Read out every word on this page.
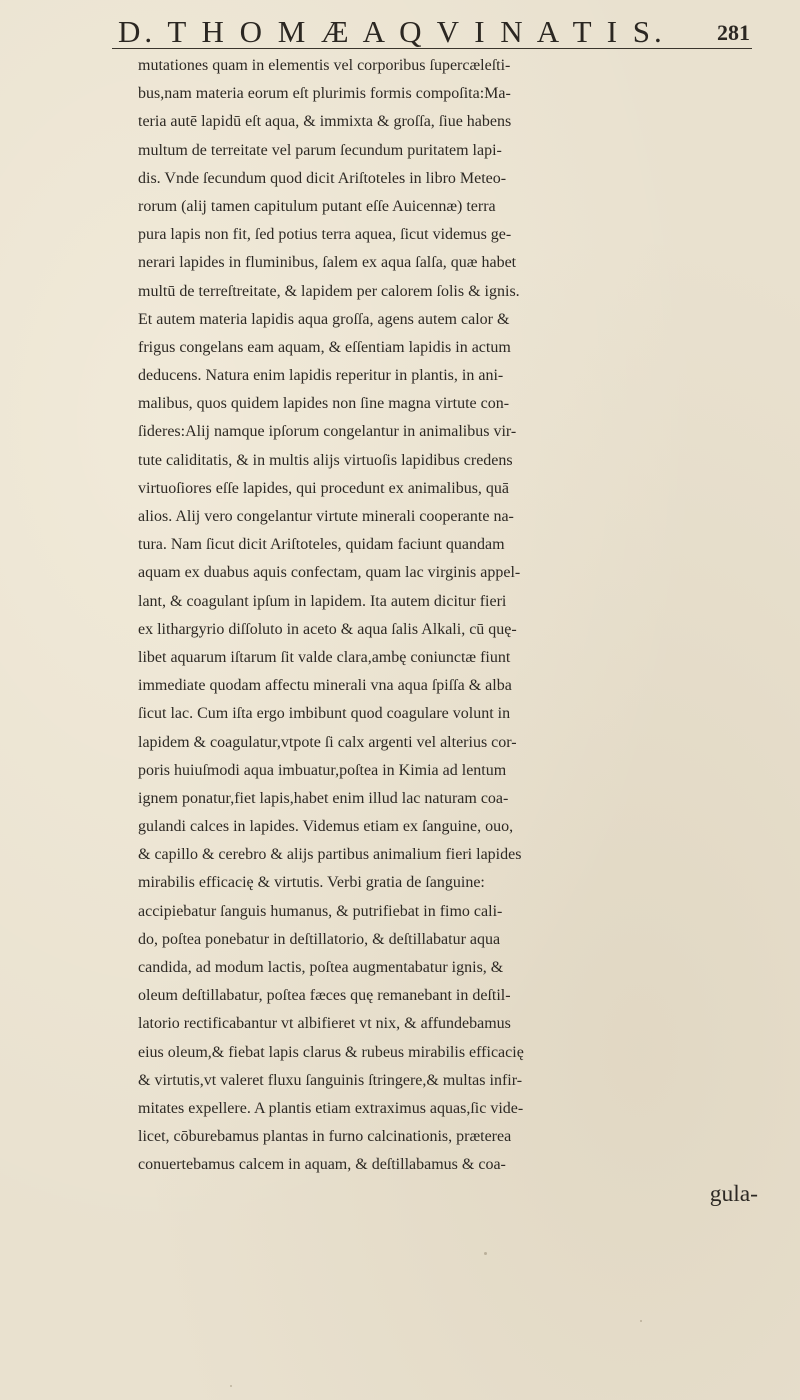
D. T H O M Æ A Q V I N A T I S. 281
mutationes quam in elementis vel corporibus ſupercæleſti-
bus,nam materia eorum eſt plurimis formis compoſita:Ma-
teria autē lapidū eſt aqua, & immixta & groſſa, ſiue habens
multum de terreitate vel parum ſecundum puritatem lapi-
dis. Vnde ſecundum quod dicit Ariſtoteles in libro Meteo-
rorum (alij tamen capitulum putant eſſe Auicennæ) terra
pura lapis non fit, ſed potius terra aquea, ſicut videmus ge-
nerari lapides in fluminibus, ſalem ex aqua ſalſa, quæ habet
multū de terreſtreitate, & lapidem per calorem ſolis & ignis.
Et autem materia lapidis aqua groſſa, agens autem calor &
frigus congelans eam aquam, & eſſentiam lapidis in actum
deducens. Natura enim lapidis reperitur in plantis, in ani-
malibus, quos quidem lapides non ſine magna virtute con-
ſideres:Alij namque ipſorum congelantur in animalibus vir-
tute caliditatis, & in multis alijs virtuoſis lapidibus credens
virtuoſiores eſſe lapides, qui procedunt ex animalibus, quā
alios. Alij vero congelantur virtute minerali cooperante na-
tura. Nam ſicut dicit Ariſtoteles, quidam faciunt quandam
aquam ex duabus aquis confectam, quam lac virginis appel-
lant, & coagulant ipſum in lapidem. Ita autem dicitur fieri
ex lithargyrio diſſoluto in aceto & aqua ſalis Alkali, cū quę-
libet aquarum iſtarum ſit valde clara,ambę coniunctæ fiunt
immediate quodam affectu minerali vna aqua ſpiſſa & alba
ſicut lac. Cum iſta ergo imbibunt quod coagulare volunt in
lapidem & coagulatur,vtpote ſi calx argenti vel alterius cor-
poris huiuſmodi aqua imbuatur,poſtea in Kimia ad lentum
ignem ponatur,fiet lapis,habet enim illud lac naturam coa-
gulandi calces in lapides. Videmus etiam ex ſanguine, ouo,
& capillo & cerebro & alijs partibus animalium fieri lapides
mirabilis efficacię & virtutis. Verbi gratia de ſanguine:
accipiebatur ſanguis humanus, & putrifiebat in fimo cali-
do, poſtea ponebatur in deſtillatorio, & deſtillabatur aqua
candida, ad modum lactis, poſtea augmentabatur ignis, &
oleum deſtillabatur, poſtea fæces quę remanebant in deſtil-
latorio rectificabantur vt albifieret vt nix, & affundebamus
eius oleum,& fiebat lapis clarus & rubeus mirabilis efficacię
& virtutis,vt valeret fluxu ſanguinis ſtringere,& multas infir-
mitates expellere. A plantis etiam extraximus aquas,ſic vide-
licet, cōburebamus plantas in furno calcinationis, prætereа
conuertebamus calcem in aquam, & deſtillabamus & coa-
gula-
